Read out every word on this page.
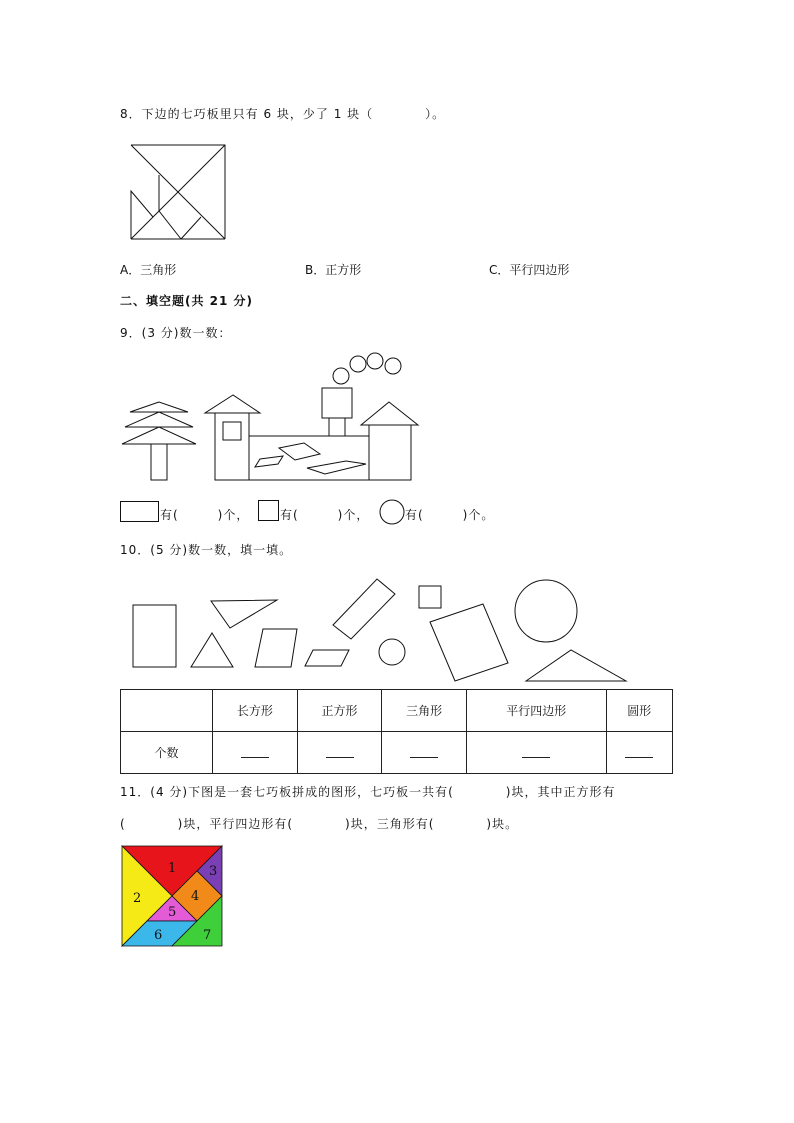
8．下边的七巧板里只有 6 块，少了 1 块（　　　　）。
A．三角形	B．正方形	C．平行四边形
二、填空题(共 21 分)
9．(3 分)数一数：
有(　　　)个，	有(　　　)个，	有(　　　)个。
10．(5 分)数一数，填一填。
	长方形	正方形	三角形	平行四边形	圆形
个数					
11．(4 分)下图是一套七巧板拼成的图形，七巧板一共有(　　　　)块，其中正方形有
(　　　　)块，平行四边形有(　　　　)块，三角形有(　　　　)块。
1
2
3
4
5
6	7
